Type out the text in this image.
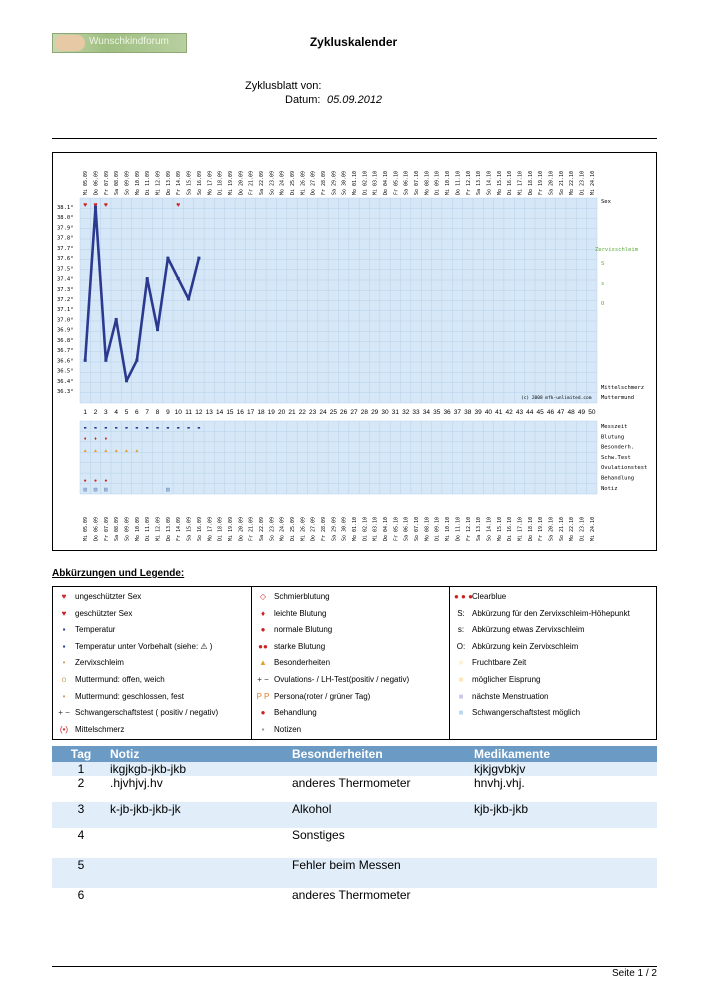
Wunschkindforum	Zykluskalender
Zyklusblatt von:
Datum: 05.09.2012
Mi 05.09
Mi 05.09
Do 06.09
Do 06.09
Fr 07.09
Fr 07.09
Sa 08.09
Sa 08.09
So 09.09
So 09.09
Mo 10.09
Mo 10.09
Di 11.09
Di 11.09
Mi 12.09
Mi 12.09
Do 13.09
Do 13.09
Fr 14.09
Fr 14.09
Sa 15.09
Sa 15.09
So 16.09
So 16.09
Mo 17.09
Mo 17.09
Di 18.09
Di 18.09
Mi 19.09
Mi 19.09
Do 20.09
Do 20.09
Fr 21.09
Fr 21.09
Sa 22.09
Sa 22.09
So 23.09
So 23.09
Mo 24.09
Mo 24.09
Di 25.09
Di 25.09
Mi 26.09
Mi 26.09
Do 27.09
Do 27.09
Fr 28.09
Fr 28.09
Sa 29.09
Sa 29.09
So 30.09
So 30.09
Mo 01.10
Mo 01.10
Di 02.10
Di 02.10
Mi 03.10
Mi 03.10
Do 04.10
Do 04.10
Fr 05.10
Fr 05.10
Sa 06.10
Sa 06.10
So 07.10
So 07.10
Mo 08.10
Mo 08.10
Di 09.10
Di 09.10
Mi 10.10
Mi 10.10
Do 11.10
Do 11.10
Fr 12.10
Fr 12.10
Sa 13.10
Sa 13.10
So 14.10
So 14.10
Mo 15.10
Mo 15.10
Di 16.10
Di 16.10
Mi 17.10
Mi 17.10
Do 18.10
Do 18.10
Fr 19.10
Fr 19.10
Sa 20.10
Sa 20.10
So 21.10
So 21.10
Mo 22.10
Mo 22.10
Di 23.10
Di 23.10
Mi 24.10
Mi 24.10
1 2 3 4 5 6 7 8 9 10 11 12 13 14 15 16 17 18 19 20 21 22 23 24 25 26 27 28 29 30 31 32 33 34 35 36 37 38 39 40 41 42 43 44 45 46 47 48 49 50
36.3°
36.4°
36.5°
36.6°
36.7°
36.8°
36.9°
37.0°
37.1°
37.2°
37.3°
37.4°
37.5°
37.6°
37.7°
37.8°
37.9°
38.0°
38.1°
Sex
Zervixschleim
S
s
O
Mittelschmerz
Muttermund
(c) 2008 mfk-unlimited.com
Messzeit
Blutung
Besonderh.
Schw.Test
Ovulationstest
Behandlung
Notiz
♥ ♥	♥
♦ ♦ ♦
▲ ▲ ▲ ▲ ▲ ▲
● ● ●
Abkürzungen und Legende:
♥ ungeschützter Sex
♥ geschützter Sex
▪ Temperatur
▪ Temperatur unter Vorbehalt (siehe: ⚠ )
• Zervixschleim
o Muttermund: offen, weich
• Muttermund: geschlossen, fest
+ − Schwangerschaftstest ( positiv / negativ)
(•) Mittelschmerz
◇ Schmierblutung
♦ leichte Blutung
● normale Blutung
●● starke Blutung
▲ Besonderheiten
+ − Ovulations- / LH-Test(positiv / negativ)
P P Persona(roter / grüner Tag)
● Behandlung
▪ Notizen
● ● ●Clearblue
S: Abkürzung für den Zervixschleim-Höhepunkt
s: Abkürzung etwas Zervixschleim
O: Abkürzung kein Zervixschleim
■ Fruchtbare Zeit
■ möglicher Eisprung
■ nächste Menstruation
■ Schwangerschaftstest möglich
Tag	Notiz	Besonderheiten	Medikamente
1	ikgjkgb-jkb-jkb		kjkjgvbkjv
2	.hjvhjvj.hv	anderes Thermometer	hnvhj.vhj.
3	k-jb-jkb-jkb-jk	Alkohol	kjb-jkb-jkb
4		Sonstiges	
5		Fehler beim Messen	
6		anderes Thermometer	
Seite 1 / 2
